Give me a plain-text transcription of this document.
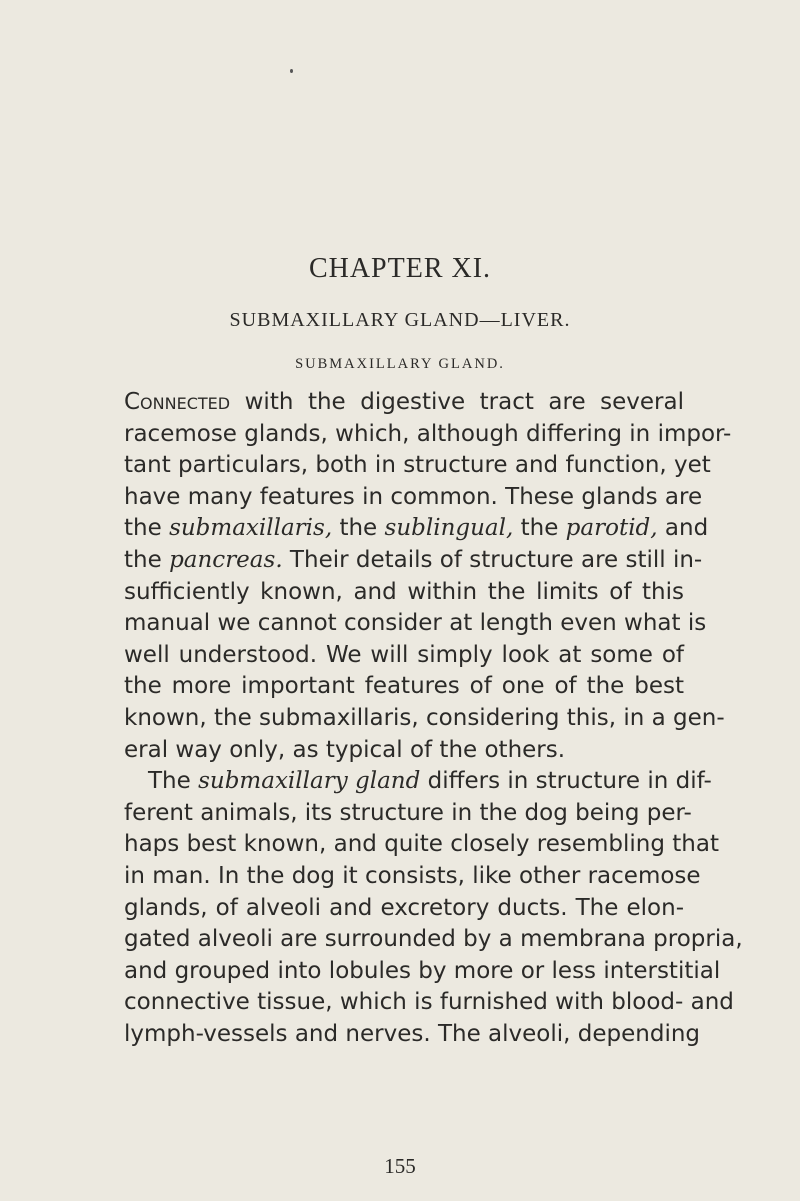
CHAPTER XI.
SUBMAXILLARY GLAND—LIVER.
SUBMAXILLARY GLAND.
Connected with the digestive tract are several
racemose glands, which, although differing in impor-
tant particulars, both in structure and function, yet
have many features in common. These glands are
the submaxillaris, the sublingual, the parotid, and
the pancreas. Their details of structure are still in-
sufficiently known, and within the limits of this
manual we cannot consider at length even what is
well understood. We will simply look at some of
the more important features of one of the best
known, the submaxillaris, considering this, in a gen-
eral way only, as typical of the others.
The submaxillary gland differs in structure in dif-
ferent animals, its structure in the dog being per-
haps best known, and quite closely resembling that
in man. In the dog it consists, like other racemose
glands, of alveoli and excretory ducts. The elon-
gated alveoli are surrounded by a membrana propria,
and grouped into lobules by more or less interstitial
connective tissue, which is furnished with blood- and
lymph-vessels and nerves. The alveoli, depending

155
